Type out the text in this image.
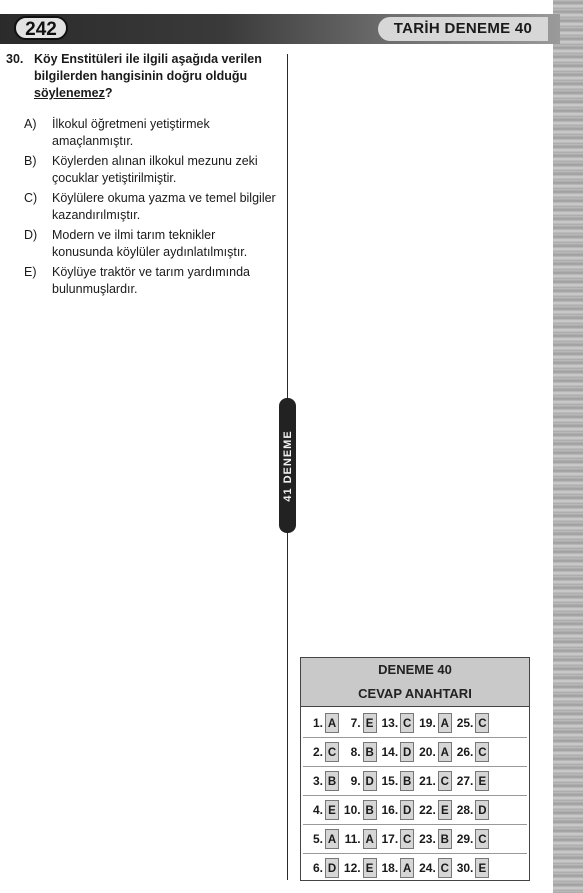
242	TARİH DENEME 40
41 DENEME
30. Köy Enstitüleri ile ilgili aşağıda verilen bilgilerden hangisinin doğru olduğu söylenemez?
A) İlkokul öğretmeni yetiştirmek amaçlanmıştır.
B) Köylerden alınan ilkokul mezunu zeki çocuklar yetiştirilmiştir.
C) Köylülere okuma yazma ve temel bilgiler kazandırılmıştır.
D) Modern ve ilmi tarım teknikler konusunda köylüler aydınlatılmıştır.
E) Köylüye traktör ve tarım yardımında bulunmuşlardır.
DENEME 40
CEVAP ANAHTARI
1. A	7. E 13. C 19. A 25. C
2. C	8. B 14. D 20. A 26. C
3. B	9. D 15. B 21. C 27. E
4. E 10. B 16. D 22. E 28. D
5. A 11. A 17. C 23. B 29. C
6. D 12. E 18. A 24. C 30. E
